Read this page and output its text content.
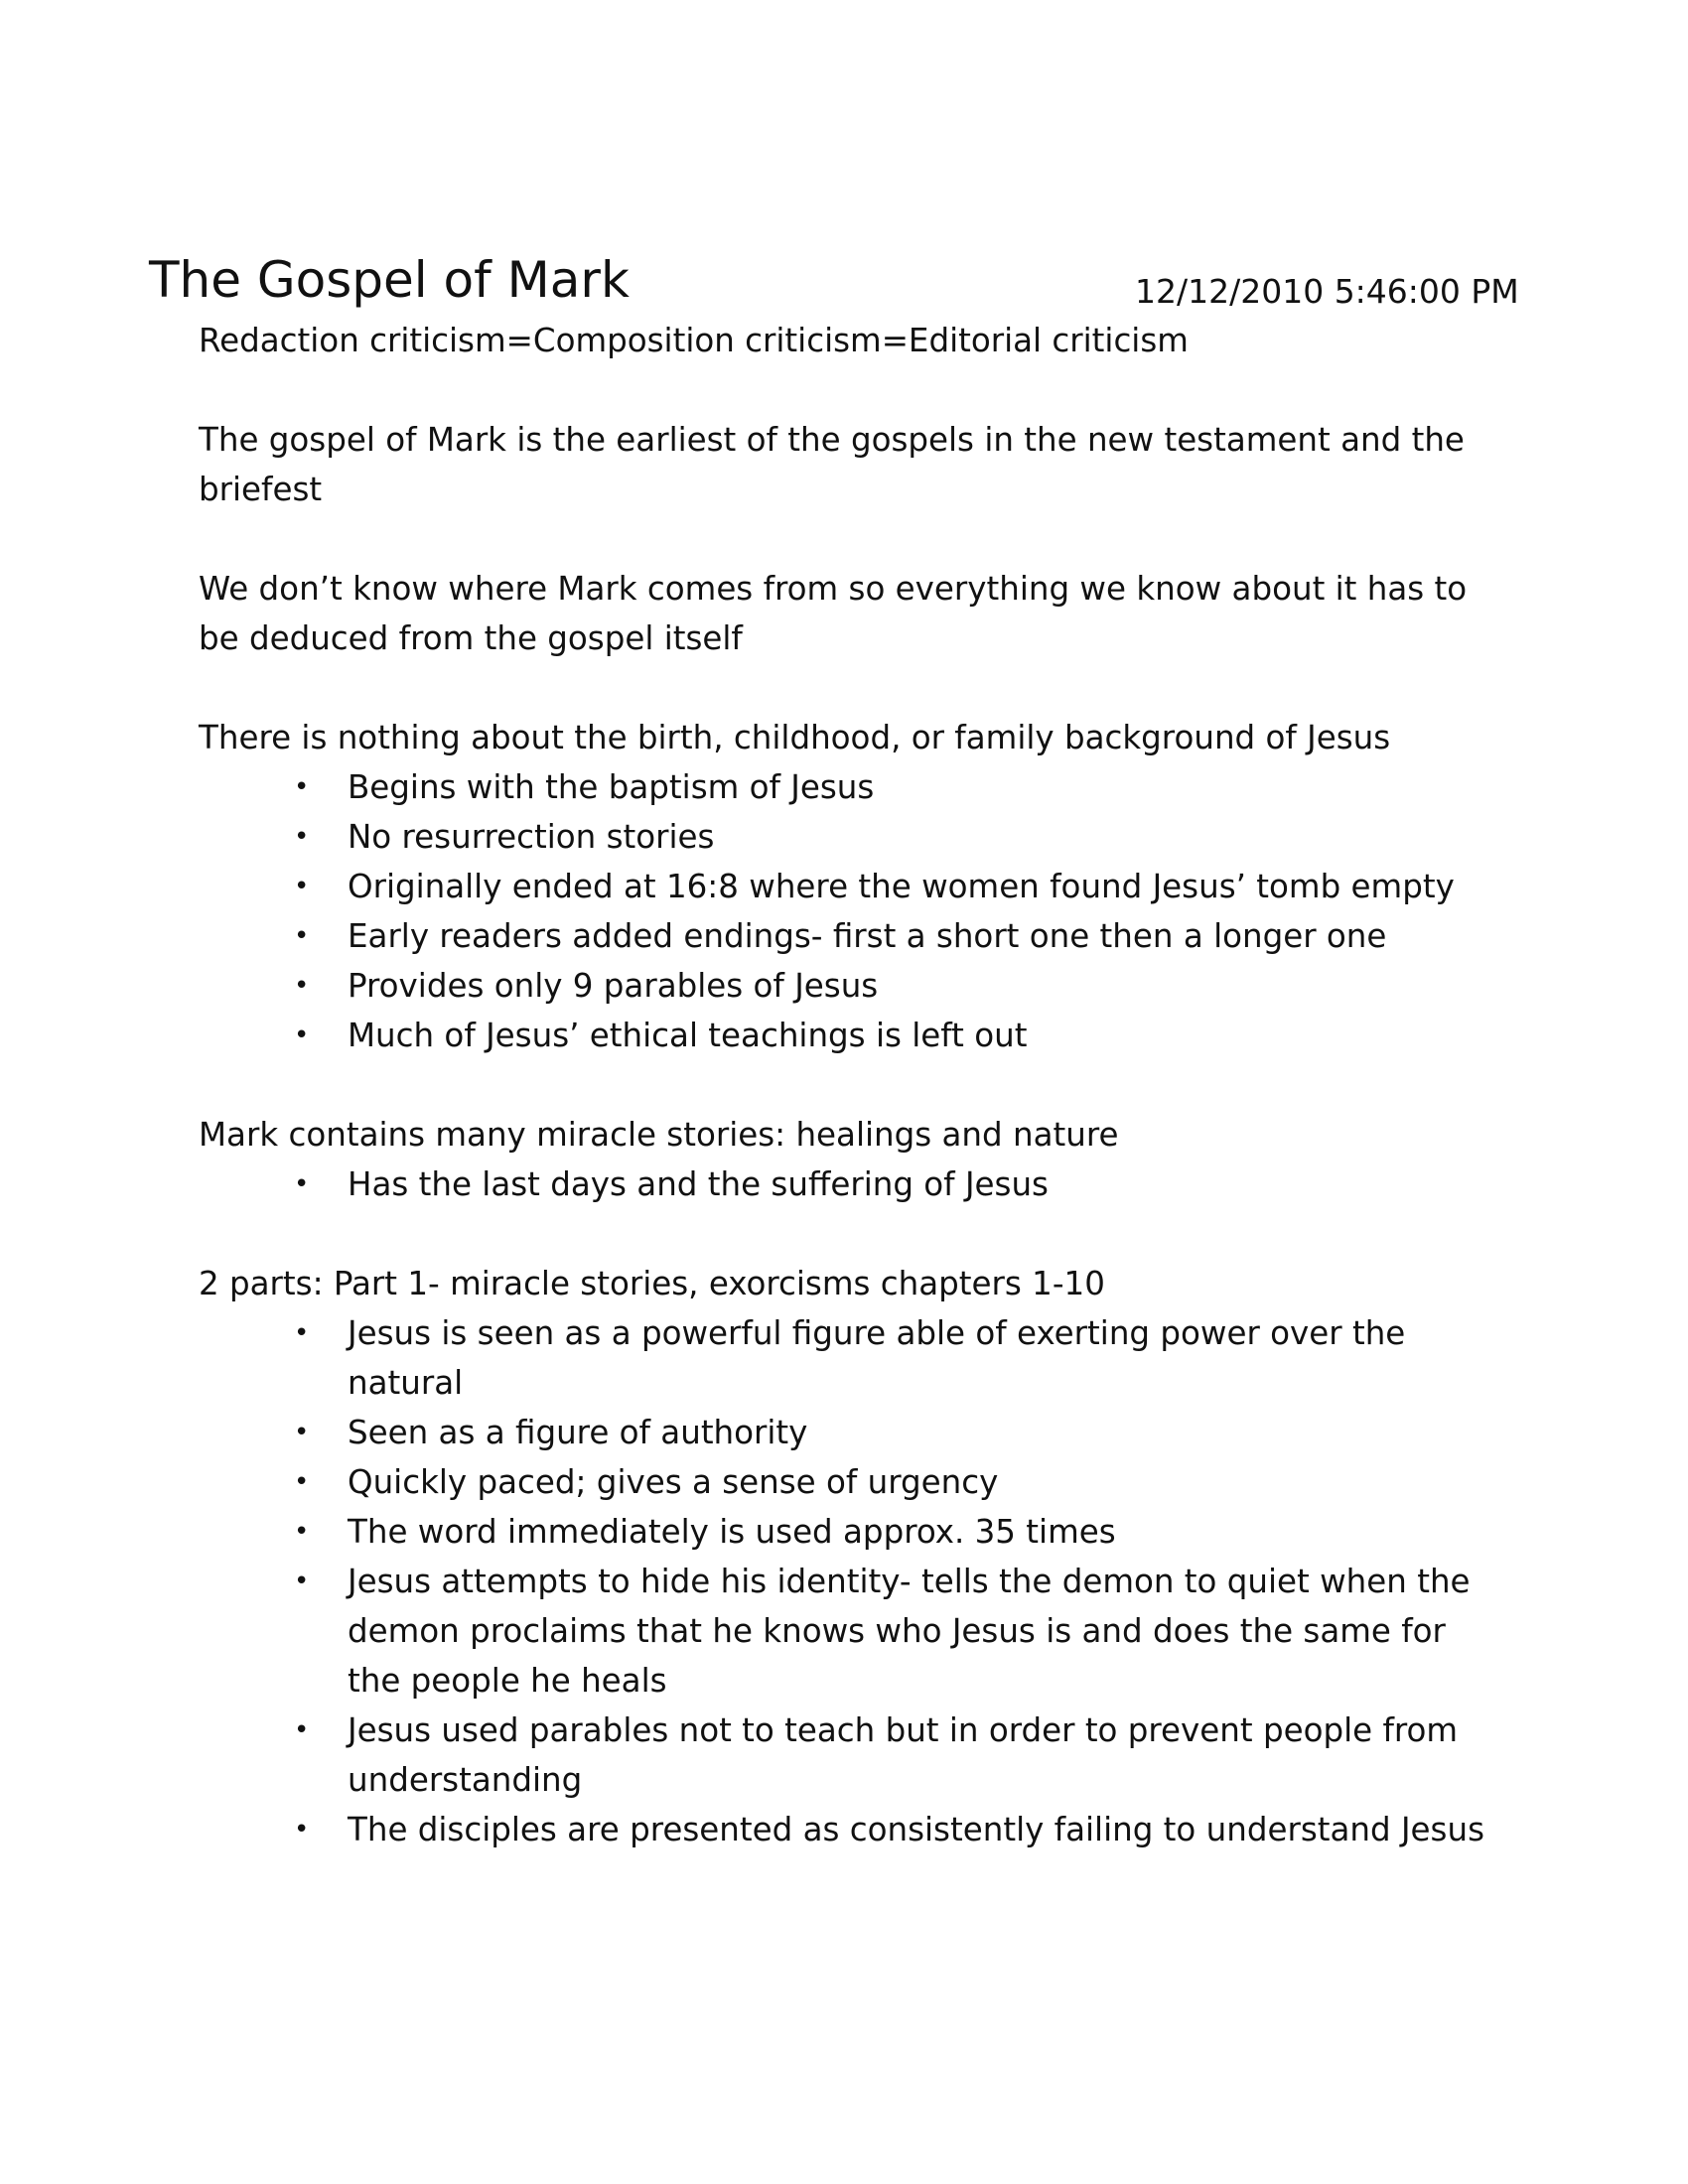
The Gospel of Mark	12/12/2010 5:46:00 PM

Redaction criticism=Composition criticism=Editorial criticism

The gospel of Mark is the earliest of the gospels in the new testament and the briefest

We don’t know where Mark comes from so everything we know about it has to be deduced from the gospel itself

There is nothing about the birth, childhood, or family background of Jesus

• Begins with the baptism of Jesus
• No resurrection stories
• Originally ended at 16:8 where the women found Jesus’ tomb empty
• Early readers added endings- first a short one then a longer one
• Provides only 9 parables of Jesus
• Much of Jesus’ ethical teachings is left out

Mark contains many miracle stories: healings and nature

• Has the last days and the suffering of Jesus

2 parts: Part 1- miracle stories, exorcisms chapters 1-10

• Jesus is seen as a powerful figure able of exerting power over the natural
• Seen as a figure of authority
• Quickly paced; gives a sense of urgency
• The word immediately is used approx. 35 times
• Jesus attempts to hide his identity- tells the demon to quiet when the demon proclaims that he knows who Jesus is and does the same for the people he heals
• Jesus used parables not to teach but in order to prevent people from understanding
• The disciples are presented as consistently failing to understand Jesus
